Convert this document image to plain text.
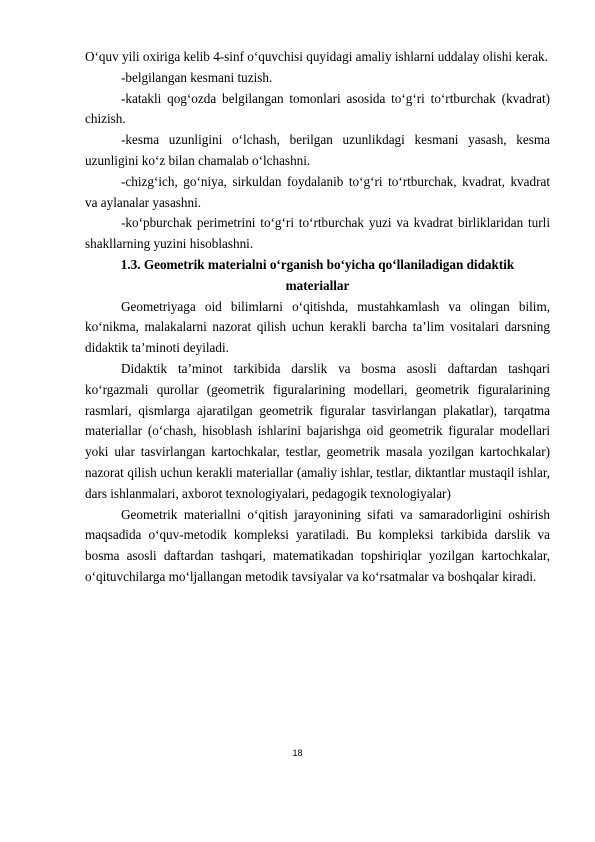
O‘quv yili oxiriga kelib 4-sinf o‘quvchisi quyidagi amaliy ishlarni uddalay olishi kerak.

-belgilangan kesmani tuzish.

-katakli qog‘ozda belgilangan tomonlari asosida to‘g‘ri to‘rtburchak (kvadrat) chizish.

-kesma uzunligini o‘lchash, berilgan uzunlikdagi kesmani yasash, kesma uzunligini ko‘z bilan chamalab o‘lchashni.

-chizg‘ich, go‘niya, sirkuldan foydalanib to‘g‘ri to‘rtburchak, kvadrat, kvadrat va aylanalar yasashni.

-ko‘pburchak perimetrini to‘g‘ri to‘rtburchak yuzi va kvadrat birliklaridan turli shakllarning yuzini hisoblashni.

1.3. Geometrik materialni o‘rganish bo‘yicha qo‘llaniladigan didaktik materiallar

Geometriyaga oid bilimlarni o‘qitishda, mustahkamlash va olingan bilim, ko‘nikma, malakalarni nazorat qilish uchun kerakli barcha ta’lim vositalari darsning didaktik ta’minoti deyiladi.

Didaktik ta’minot tarkibida darslik va bosma asosli daftardan tashqari ko‘rgazmali qurollar (geometrik figuralarining modellari, geometrik figuralarining rasmlari, qismlarga ajaratilgan geometrik figuralar tasvirlangan plakatlar), tarqatma materiallar (o‘chash, hisoblash ishlarini bajarishga oid geometrik figuralar modellari yoki ular tasvirlangan kartochkalar, testlar, geometrik masala yozilgan kartochkalar) nazorat qilish uchun kerakli materiallar (amaliy ishlar, testlar, diktantlar mustaqil ishlar, dars ishlanmalari, axborot texnologiyalari, pedagogik texnologiyalar)

Geometrik materiallni o‘qitish jarayonining sifati va samaradorligini oshirish maqsadida o‘quv-metodik kompleksi yaratiladi. Bu kompleksi tarkibida darslik va bosma asosli daftardan tashqari, matematikadan topshiriqlar yozilgan kartochkalar, o‘qituvchilarga mo‘ljallangan metodik tavsiyalar va ko‘rsatmalar va boshqalar kiradi.

18
